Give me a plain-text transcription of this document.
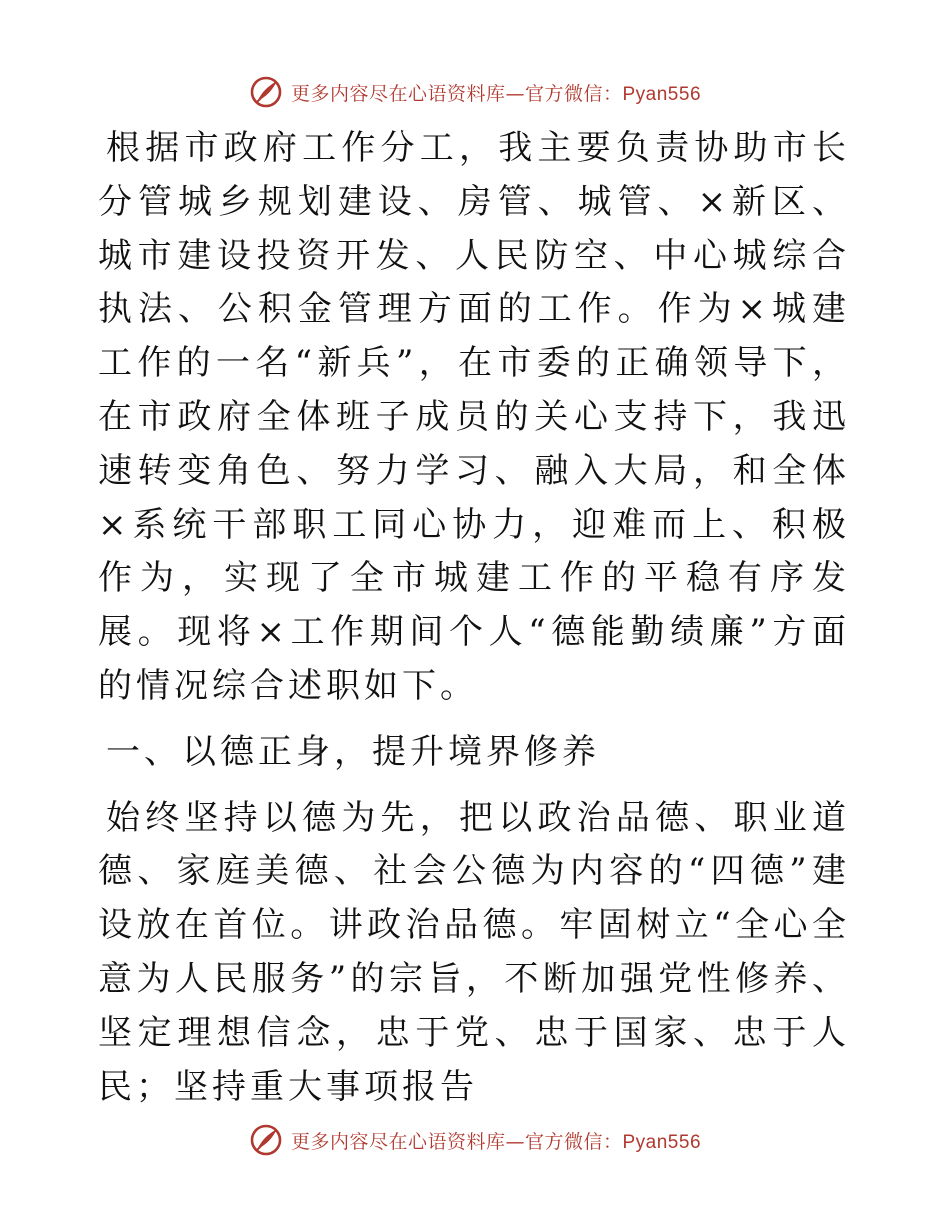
更多内容尽在心语资料库—官方微信：Pyan556

根据市政府工作分工，我主要负责协助市长分管城乡规划建设、房管、城管、×新区、城市建设投资开发、人民防空、中心城综合执法、公积金管理方面的工作。作为×城建工作的一名“新兵”，在市委的正确领导下，在市政府全体班子成员的关心支持下，我迅速转变角色、努力学习、融入大局，和全体×系统干部职工同心协力，迎难而上、积极作为，实现了全市城建工作的平稳有序发展。现将×工作期间个人“德能勤绩廉”方面的情况综合述职如下。

一、以德正身，提升境界修养

始终坚持以德为先，把以政治品德、职业道德、家庭美德、社会公德为内容的“四德”建设放在首位。讲政治品德。牢固树立“全心全意为人民服务”的宗旨，不断加强党性修养、坚定理想信念，忠于党、忠于国家、忠于人民；坚持重大事项报告

更多内容尽在心语资料库—官方微信：Pyan556
